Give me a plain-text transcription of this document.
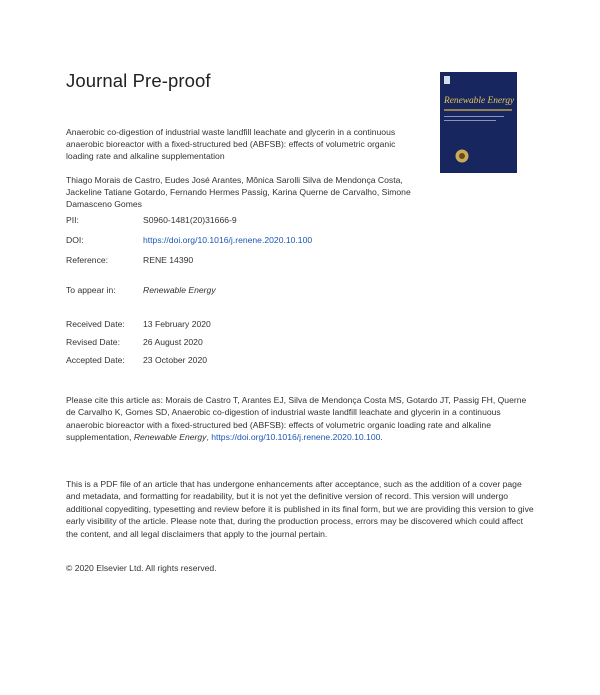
Journal Pre-proof
Renewable Energy
Anaerobic co-digestion of industrial waste landfill leachate and glycerin in a continuous anaerobic bioreactor with a fixed-structured bed (ABFSB): effects of volumetric organic loading rate and alkaline supplementation
Thiago Morais de Castro, Eudes José Arantes, Mônica Sarolli Silva de Mendonça Costa, Jackeline Tatiane Gotardo, Fernando Hermes Passig, Karina Querne de Carvalho, Simone Damasceno Gomes
PII:	S0960-1481(20)31666-9
DOI:	https://doi.org/10.1016/j.renene.2020.10.100
Reference:	RENE 14390
To appear in:	Renewable Energy
Received Date:	13 February 2020
Revised Date:	26 August 2020
Accepted Date:	23 October 2020
Please cite this article as: Morais de Castro T, Arantes EJ, Silva de Mendonça Costa MS, Gotardo JT, Passig FH, Querne de Carvalho K, Gomes SD, Anaerobic co-digestion of industrial waste landfill leachate and glycerin in a continuous anaerobic bioreactor with a fixed-structured bed (ABFSB): effects of volumetric organic loading rate and alkaline supplementation, Renewable Energy, https://doi.org/10.1016/j.renene.2020.10.100.
This is a PDF file of an article that has undergone enhancements after acceptance, such as the addition of a cover page and metadata, and formatting for readability, but it is not yet the definitive version of record. This version will undergo additional copyediting, typesetting and review before it is published in its final form, but we are providing this version to give early visibility of the article. Please note that, during the production process, errors may be discovered which could affect the content, and all legal disclaimers that apply to the journal pertain.
© 2020 Elsevier Ltd. All rights reserved.
